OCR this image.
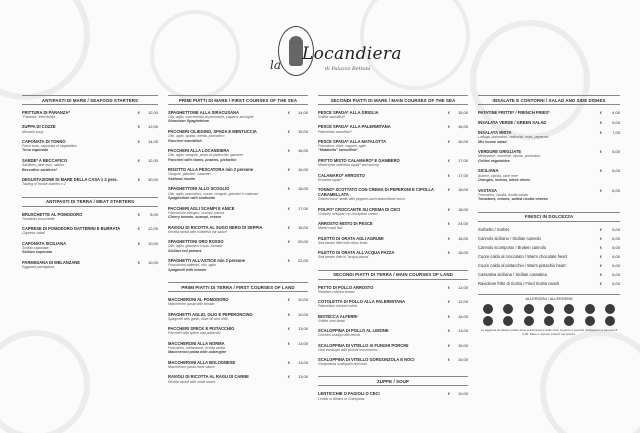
la
Locandiera
di Palazzo Bettoni
ANTIPASTI DI MARE / SEAFOOD STARTERS
FRITTURA DI PARANZA*
"Paranza" fried fishes
€	12,00
ZUPPA DI COZZE
Mussels soup
€	12,00
CAPONATA DI TONNO
Fresh tuna, caponata of vegetables
Tuna caponata
€	14,00
SARDE* A BECCAFICO
Sardines, pine nuts, raisins
Beccafico sardines*
€	12,00
DEGUSTAZIONE DI MARE DELLA CASA x 2 pers.
Tasting of house starters x 2
€	30,00
ANTIPASTI DI TERRA / MEAT STARTERS
BRUSCHETTE AL POMODORO
Tomatoes bruschette
€	8,00
CAPRESE DI POMODORO DATTERINI E BURRATA
Caprese salad
€	12,00
CAPONATA SICILIANA
Sicilian caponata
Skillwo caponata
€	10,00
PARMIGIANA DI MELANZANE
Eggplant parmigiana
€	10,00
PRIMI PIATTI DI MARE / FIRST COURSES OF THE SEA
SPAGHETTONE ALLA SIRACUSANA
Olio, aglio, concentrato di pomodoro, capperi, acciughe
Siracusan Spaghettone
€	14,00
PACCHERI CILIEGINO, SPADA E MENTUCCIA
Olio, aglio, spada, menta, pomodoro
Paccheri swordfish
€	15,00
PACCHERI ALLA LOCANDIERA
Olio, aglio, vongole, pesto di pistacchio, gamberi
Paccheri with clams, prawns, pistachio
€	16,00
RISOTTO ALLA PESCATORA min 2 persone
Vongole, gamberi, calamari
Seafood risotto
€	16,00
SPAGHETTONI ALLO SCOGLIO
Olio, aglio, pomodoro, cozze, vongole, gamberi e calamari
Spaghettoni with seafoods
€	18,00
PACCHERI AGLI SCAMPI E ANICE
Pomodorini ciliegino, scampi, panna
Cherry tomato, scampi, cream
€	17,00
RAVIOLI DI RICOTTA AL SUGO NERO DI SEPPIA
Ricotta ravioli with cuttlefish ink sauce
€	16,00
SPAGHETTONI ORO ROSSO
Olio, aglio, gambero rosso, burrata
Sicilian red prawns
€	20,00
SPAGHETTI ALL'ASTICE min 2 persone
Pomodorini datterini, olio, aglio
Spaghetti with lobster
€	22,00
PRIMI PIATTI DI TERRA / FIRST COURSES OF LAND
MACCHERONI AL POMODORO
Maccheroni pasta with tomato
€	10,00
SPAGHETTI AGLIO, OLIO E PEPERONCINO
Spaghetti with garlic, olive oil and chilli
€	10,00
PACCHERI SPECK E PISTACCHIO
Paccheri with speck and pistachio
€	13,00
MACCHERONI ALLA NORMA
Pomodoro, melanzane, ricotta salata
Maccheroni pasta with aubergine
€	13,00
MACCHERONI ALLA BOLOGNESE
Maccheroni pasta meat sauce
€	13,00
RAVIOLI DI RICOTTA AL RAGU DI CARNE
Ricotta ravioli with meat sauce
€	13,00
SECONDI PIATTI DI MARE / MAIN COURSES OF THE SEA
PESCE SPADA* ALLA GRIGLIA
Grilled swordfish*
€	15,00
PESCE SPADA* ALLA PALERMITANA
Palermitan swordfish*
€	16,00
PESCE SPADA* ALLA MATALOTTA
Pomodoro, olive, capperi, aglio
"Matalotta" swordfish*
€	16,00
FRITTO MISTO CALAMARO* E GAMBERO
Mixed fried selection squid* and shrimp
€	17,00
CALAMARO* ARROSTO
Roasted squid*
€	17,00
TONNO* SCOTTATO CON CREMA DI PEPERONI E CIPOLLA CARAMELLATA
Seared tuna* steak with peppers and caramelized onion
€	18,00
POLPO* CROCCANTE SU CREMA DI CECI
Crunchy octopus* on chickpeas cream
€	18,00
ARROSTO MISTO DI PESCE
Mixed roast fish
€	24,00
FILETTO DI ORATA AGLI AGRUMI
Sea bream fillet with citrus fruits
€	18,00
FILETTO DI ORATA ALL'ACQUA PAZZA
Sea bream fillet in "acqua pazza"
€	18,00
SECONDI PIATTI DI TERRA / MAIN COURSES OF LAND
PETTO DI POLLO ARROSTO
Roasted chicken breast
€	12,00
COTOLETTA DI POLLO ALLA PALERMITANA
Palermitan chicken cutlet
€	12,00
BISTECCA ALFERRI
Grilled veal steak
€	16,00
SCALOPPINA DI POLLO AL LIMONE
Chicken scallop with lemon
€	13,00
SCALOPPINA DI VITELLO AI FUNGHI PORCINI
Veal escalope with porcini mushrooms
€	15,00
SCALOPPINA DI VITELLO GORGONZOLA E NOCI
Gorgonzola scaloppini and nuts
€	15,00
ZUPPE / SOUP
LENTICCHIE O FAGIOLI O CECI
Lentils or Beans or Chickpeas
€	10,00
INSALATE E CONTORNI / SALAD AND SIDE DISHES
PATATINE FRITTE* / FRENCH FRIES*	€	4,00
INSALATA VERDE / GREEN SALAD	€	5,00
INSALATA MISTA
Lattuga, pomodoro, radicchio, mais, peperoni
Mix house salad
€	7,00
VERDURE GRIGLIATE
Melanzane, zucchine, cipolla, pomodoro
Grilled vegetables
€	6,00
SICILIANA
Arance, cipolla, olive nere
Oranges, onions, black olives
€	6,00
VASTASA
Pomodoro, cipolla, ricotta salata
Tomatoes, onions, salted ricotta cheese
€	6,00
FINISCI IN DOLCEZZA
Sorbetto / Sorbet	€	5,00
Cannolo siciliano / Sicilian cannolo	€	6,00
Cannolo scomposto / Broken cannolo	€	6,00
Cuore caldo al cioccolato / Warm chocolate heart	€	6,00
Cuore caldo al pistacchio / Warm pistachio heart	€	6,00
Cassatina siciliana / Sicilian cassatina	€	6,00
Raviolone fritto di ricotta / Fried ricotta ravioli	€	6,00
ALLERGENI / ALLERGENS
Le aggiunte di ciascun piatto sono a discrezione dello chef. Coperto e servizio obbligatorio a persona € 2,00. Pane e coperto incluso nel prezzo.
